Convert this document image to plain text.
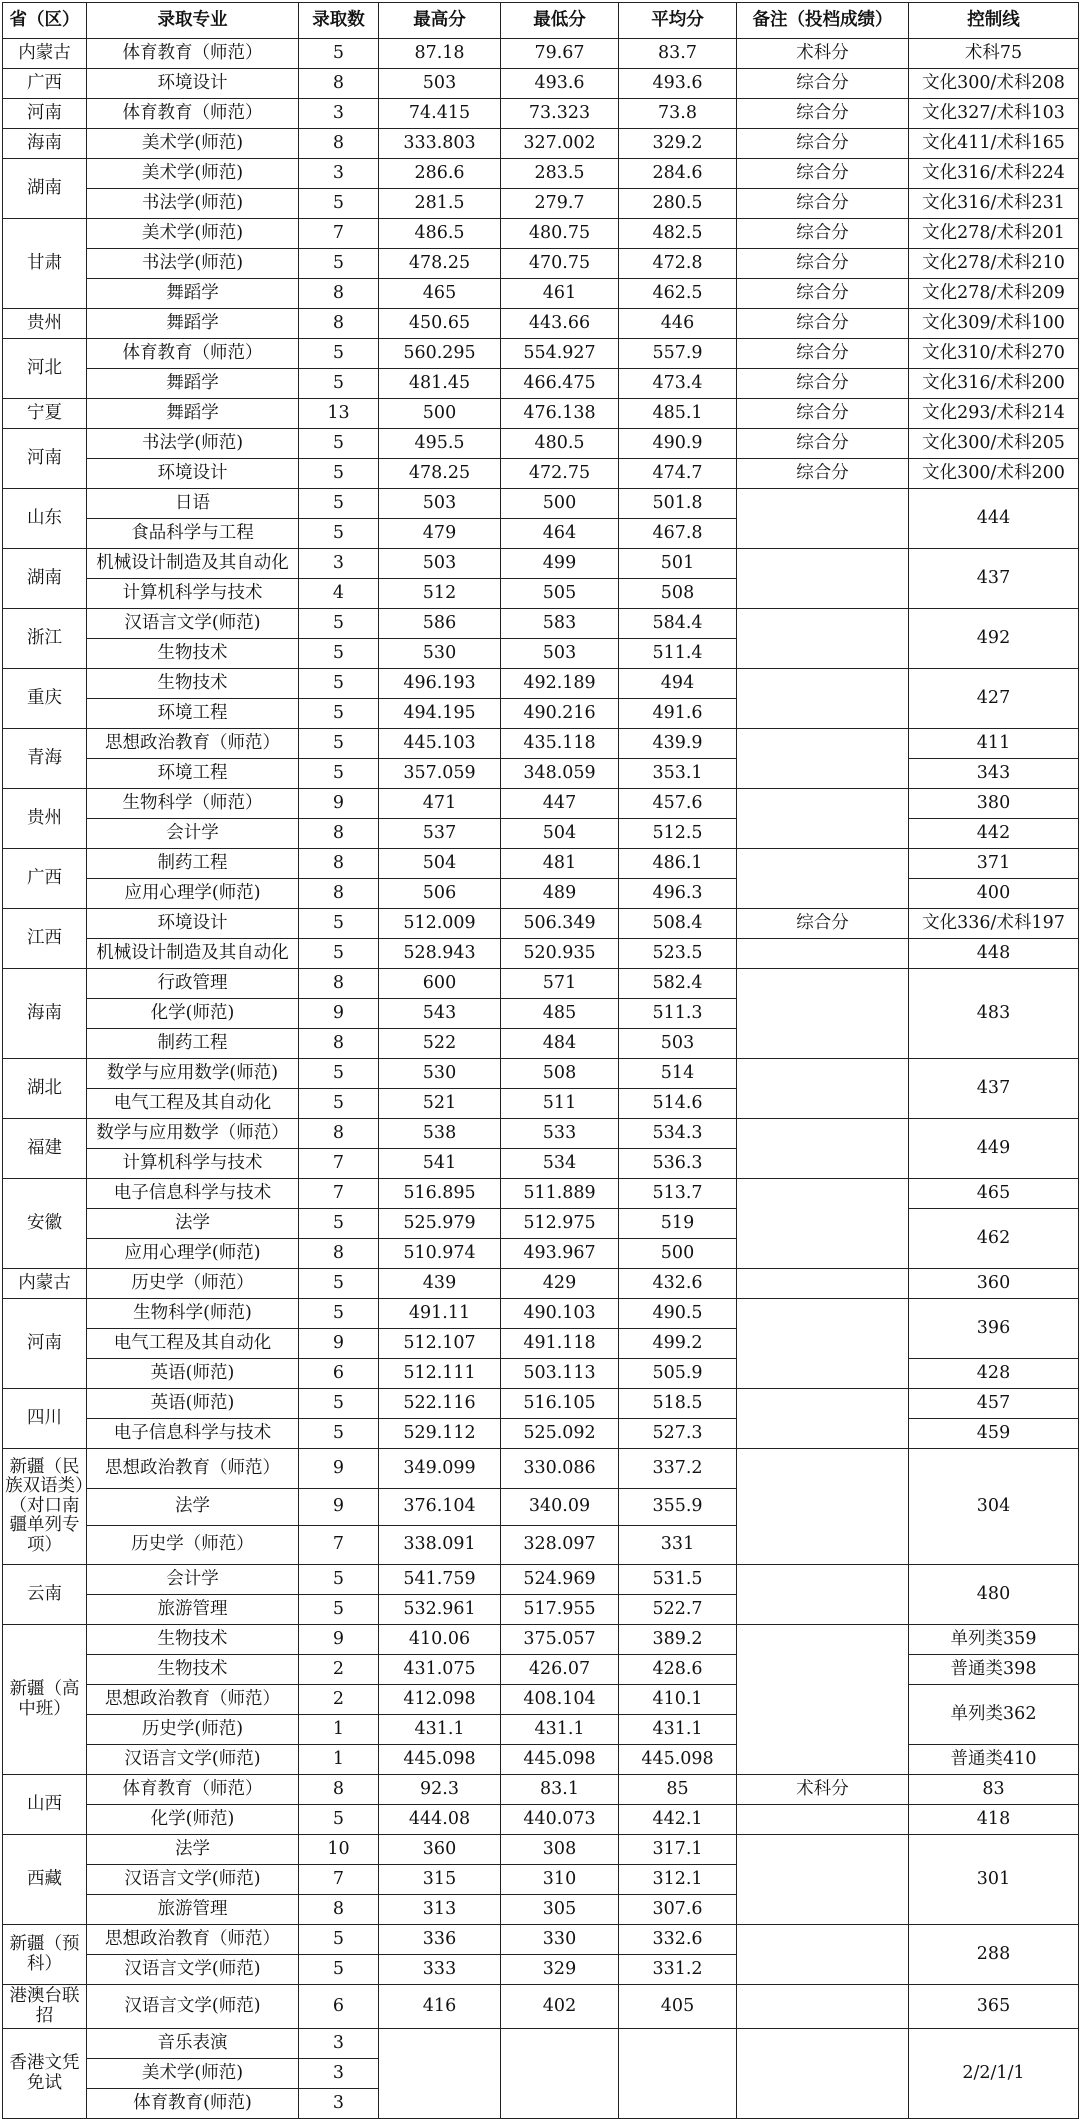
省（区）	录取专业	录取数	最高分	最低分	平均分	备注（投档成绩）	控制线
内蒙古	体育教育（师范）	5	87.18	79.67	83.7	术科分	术科75
广西	环境设计	8	503	493.6	493.6	综合分	文化300/术科208
河南	体育教育（师范）	3	74.415	73.323	73.8	综合分	文化327/术科103
海南	美术学(师范)	8	333.803	327.002	329.2	综合分	文化411/术科165
湖南	美术学(师范)	3	286.6	283.5	284.6	综合分	文化316/术科224
	书法学(师范)	5	281.5	279.7	280.5	综合分	文化316/术科231
甘肃	美术学(师范)	7	486.5	480.75	482.5	综合分	文化278/术科201
	书法学(师范)	5	478.25	470.75	472.8	综合分	文化278/术科210
	舞蹈学	8	465	461	462.5	综合分	文化278/术科209
贵州	舞蹈学	8	450.65	443.66	446	综合分	文化309/术科100
河北	体育教育（师范）	5	560.295	554.927	557.9	综合分	文化310/术科270
	舞蹈学	5	481.45	466.475	473.4	综合分	文化316/术科200
宁夏	舞蹈学	13	500	476.138	485.1	综合分	文化293/术科214
河南	书法学(师范)	5	495.5	480.5	490.9	综合分	文化300/术科205
	环境设计	5	478.25	472.75	474.7	综合分	文化300/术科200
山东	日语	5	503	500	501.8		444
	食品科学与工程	5	479	464	467.8		
湖南	机械设计制造及其自动化	3	503	499	501		437
	计算机科学与技术	4	512	505	508		
浙江	汉语言文学(师范)	5	586	583	584.4		492
	生物技术	5	530	503	511.4		
重庆	生物技术	5	496.193	492.189	494		427
	环境工程	5	494.195	490.216	491.6		
青海	思想政治教育（师范）	5	445.103	435.118	439.9		411
	环境工程	5	357.059	348.059	353.1		343
贵州	生物科学（师范）	9	471	447	457.6		380
	会计学	8	537	504	512.5		442
广西	制药工程	8	504	481	486.1		371
	应用心理学(师范)	8	506	489	496.3		400
江西	环境设计	5	512.009	506.349	508.4	综合分	文化336/术科197
	机械设计制造及其自动化	5	528.943	520.935	523.5		448
海南	行政管理	8	600	571	582.4		483
	化学(师范)	9	543	485	511.3		
	制药工程	8	522	484	503		
湖北	数学与应用数学(师范)	5	530	508	514		437
	电气工程及其自动化	5	521	511	514.6		
福建	数学与应用数学（师范）	8	538	533	534.3		449
	计算机科学与技术	7	541	534	536.3		
安徽	电子信息科学与技术	7	516.895	511.889	513.7		465
	法学	5	525.979	512.975	519		462
	应用心理学(师范)	8	510.974	493.967	500		
内蒙古	历史学（师范）	5	439	429	432.6		360
河南	生物科学(师范)	5	491.11	490.103	490.5		396
	电气工程及其自动化	9	512.107	491.118	499.2		
	英语(师范)	6	512.111	503.113	505.9		428
四川	英语(师范)	5	522.116	516.105	518.5		457
	电子信息科学与技术	5	529.112	525.092	527.3		459
新疆（民族双语类）（对口南疆单列专项）	思想政治教育（师范）	9	349.099	330.086	337.2		304
	法学	9	376.104	340.09	355.9		
	历史学（师范）	7	338.091	328.097	331		
云南	会计学	5	541.759	524.969	531.5		480
	旅游管理	5	532.961	517.955	522.7		
新疆（高中班）	生物技术	9	410.06	375.057	389.2		单列类359
	生物技术	2	431.075	426.07	428.6		普通类398
	思想政治教育（师范）	2	412.098	408.104	410.1		单列类362
	历史学(师范)	1	431.1	431.1	431.1		
	汉语言文学(师范)	1	445.098	445.098	445.098		普通类410
山西	体育教育（师范）	8	92.3	83.1	85	术科分	83
	化学(师范)	5	444.08	440.073	442.1		418
西藏	法学	10	360	308	317.1		301
	汉语言文学(师范)	7	315	310	312.1		
	旅游管理	8	313	305	307.6		
新疆（预科）	思想政治教育（师范）	5	336	330	332.6		288
	汉语言文学(师范)	5	333	329	331.2		
港澳台联招	汉语言文学(师范)	6	416	402	405		365
香港文凭免试	音乐表演	3					2/2/1/1
	美术学(师范)	3					
	体育教育(师范)	3					
